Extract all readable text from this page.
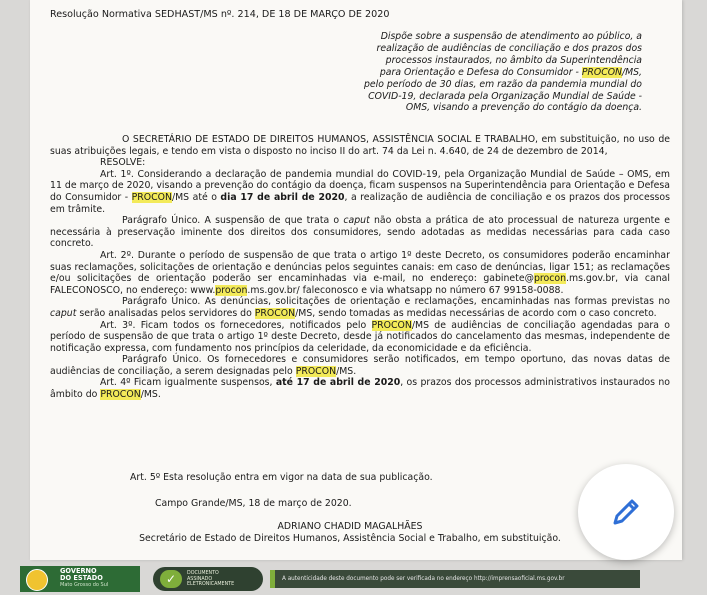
Resolução Normativa SEDHAST/MS nº. 214, DE 18 DE MARÇO DE 2020
Dispõe sobre a suspensão de atendimento ao público, a
realização de audiências de conciliação e dos prazos dos
processos instaurados, no âmbito da Superintendência
para Orientação e Defesa do Consumidor - PROCON/MS,
pelo período de 30 dias, em razão da pandemia mundial do
COVID-19, declarada pela Organização Mundial de Saúde -
OMS, visando a prevenção do contágio da doença.

O SECRETÁRIO DE ESTADO DE DIREITOS HUMANOS, ASSISTÊNCIA SOCIAL E TRABALHO, em substituição, no uso de suas atribuições legais, e tendo em vista o disposto no inciso II do art. 74 da Lei n. 4.640, de 24 de dezembro de 2014,

RESOLVE:

Art. 1º. Considerando a declaração de pandemia mundial do COVID-19, pela Organização Mundial de Saúde – OMS, em 11 de março de 2020, visando a prevenção do contágio da doença, ficam suspensos na Superintendência para Orientação e Defesa do Consumidor - PROCON/MS até o dia 17 de abril de 2020, a realização de audiência de conciliação e os prazos dos processos em trâmite.

Parágrafo Único. A suspensão de que trata o caput não obsta a prática de ato processual de natureza urgente e necessária à preservação iminente dos direitos dos consumidores, sendo adotadas as medidas necessárias para cada caso concreto.

Art. 2º. Durante o período de suspensão de que trata o artigo 1º deste Decreto, os consumidores poderão encaminhar suas reclamações, solicitações de orientação e denúncias pelos seguintes canais: em caso de denúncias, ligar 151; as reclamações e/ou solicitações de orientação poderão ser encaminhadas via e-mail, no endereço: gabinete@procon.ms.gov.br, via canal FALECONOSCO, no endereço: www.procon.ms.gov.br/ faleconosco e via whatsapp no número 67 99158-0088.

Parágrafo Único. As denúncias, solicitações de orientação e reclamações, encaminhadas nas formas previstas no caput serão analisadas pelos servidores do PROCON/MS, sendo tomadas as medidas necessárias de acordo com o caso concreto.

Art. 3º. Ficam todos os fornecedores, notificados pelo PROCON/MS de audiências de conciliação agendadas para o período de suspensão de que trata o artigo 1º deste Decreto, desde já notificados do cancelamento das mesmas, independente de notificação expressa, com fundamento nos princípios da celeridade, da economicidade e da eficiência.

Parágrafo Único. Os fornecedores e consumidores serão notificados, em tempo oportuno, das novas datas de audiências de conciliação, a serem designadas pelo PROCON/MS.

Art. 4º Ficam igualmente suspensos, até 17 de abril de 2020, os prazos dos processos administrativos instaurados no âmbito do PROCON/MS.

Art. 5º Esta resolução entra em vigor na data de sua publicação.
Campo Grande/MS, 18 de março de 2020.
ADRIANO CHADID MAGALHÃES
Secretário de Estado de Direitos Humanos, Assistência Social e Trabalho, em substituição.
GOVERNO
DO ESTADO
Mato Grosso do Sul	✓	DOCUMENTO
ASSINADO
ELETRONICAMENTE
A autenticidade deste documento pode ser verificada no endereço http://imprensaoficial.ms.gov.br
